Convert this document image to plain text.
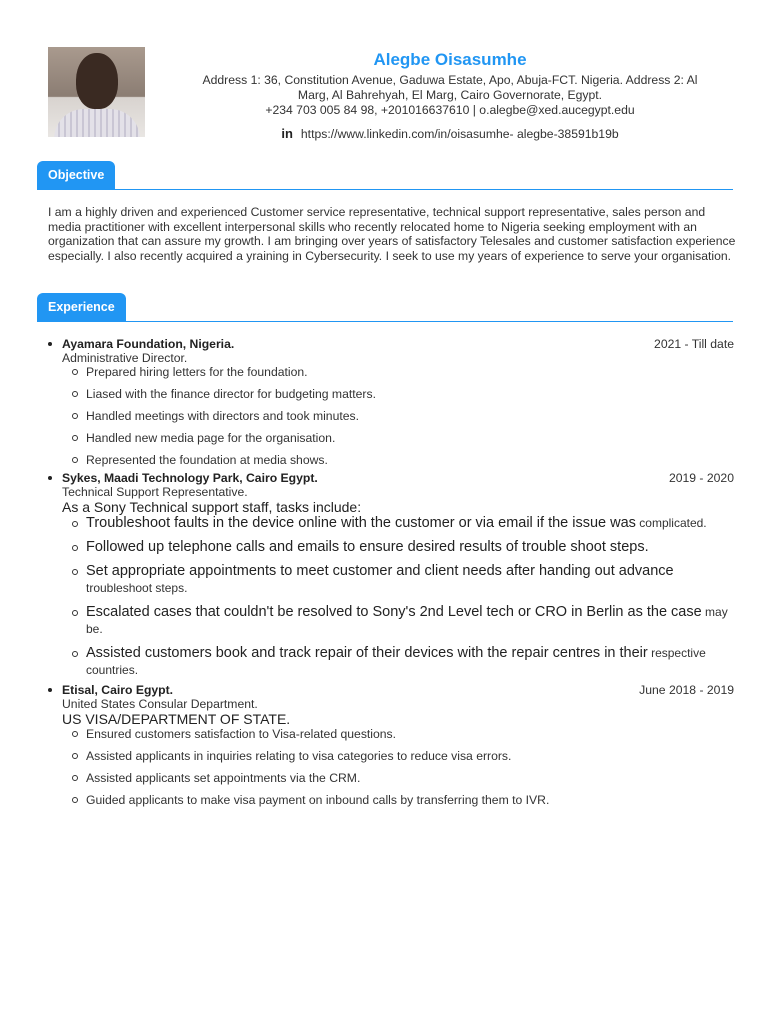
Alegbe Oisasumhe
Address 1: 36, Constitution Avenue, Gaduwa Estate, Apo, Abuja-FCT. Nigeria. Address 2: Al
Marg, Al Bahrehyah, El Marg, Cairo Governorate, Egypt.
+234 703 005 84 98, +201016637610 | o.alegbe@xed.aucegypt.edu
in https://www.linkedin.com/in/oisasumhe- alegbe-38591b19b
Objective
I am a highly driven and experienced Customer service representative, technical support representative, sales person and media practitioner with excellent interpersonal skills who recently relocated home to Nigeria seeking employment with an organization that can assure my growth. I am bringing over years of satisfactory Telesales and customer satisfaction experience especially. I also recently acquired a yraining in Cybersecurity. I seek to use my years of experience to serve your organisation.
Experience
Ayamara Foundation, Nigeria.	2021 - Till date
Administrative Director.
Prepared hiring letters for the foundation.
Liased with the finance director for budgeting matters.
Handled meetings with directors and took minutes.
Handled new media page for the organisation.
Represented the foundation at media shows.
Sykes, Maadi Technology Park, Cairo Egypt.	2019 - 2020
Technical Support Representative.
As a Sony Technical support staff, tasks include:
Troubleshoot faults in the device online with the customer or via email if the issue was complicated.
Followed up telephone calls and emails to ensure desired results of trouble shoot steps.
Set appropriate appointments to meet customer and client needs after handing out advance troubleshoot steps.
Escalated cases that couldn't be resolved to Sony's 2nd Level tech or CRO in Berlin as the case may be.
Assisted customers book and track repair of their devices with the repair centres in their respective countries.
Etisal, Cairo Egypt.	June 2018 - 2019
United States Consular Department.
US VISA/DEPARTMENT OF STATE.
Ensured customers satisfaction to Visa-related questions.
Assisted applicants in inquiries relating to visa categories to reduce visa errors.
Assisted applicants set appointments via the CRM.
Guided applicants to make visa payment on inbound calls by transferring them to IVR.
